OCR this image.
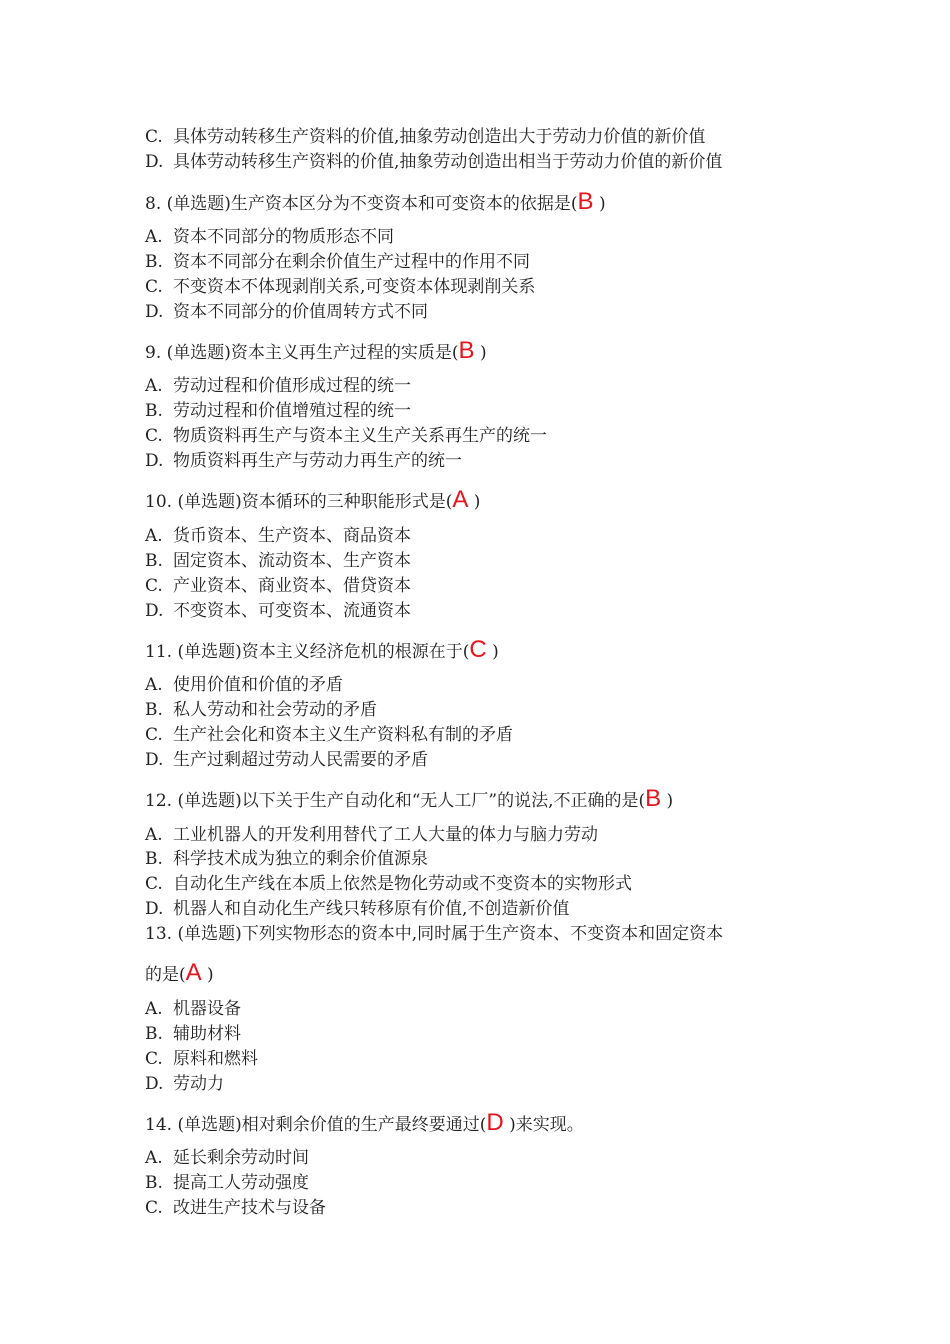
C. 具体劳动转移生产资料的价值,抽象劳动创造出大于劳动力价值的新价值
D. 具体劳动转移生产资料的价值,抽象劳动创造出相当于劳动力价值的新价值
8. (单选题)生产资本区分为不变资本和可变资本的依据是(B )
A. 资本不同部分的物质形态不同
B. 资本不同部分在剩余价值生产过程中的作用不同
C. 不变资本不体现剥削关系,可变资本体现剥削关系
D. 资本不同部分的价值周转方式不同
9. (单选题)资本主义再生产过程的实质是(B )
A. 劳动过程和价值形成过程的统一
B. 劳动过程和价值增殖过程的统一
C. 物质资料再生产与资本主义生产关系再生产的统一
D. 物质资料再生产与劳动力再生产的统一
10. (单选题)资本循环的三种职能形式是(A )
A. 货币资本、生产资本、商品资本
B. 固定资本、流动资本、生产资本
C. 产业资本、商业资本、借贷资本
D. 不变资本、可变资本、流通资本
11. (单选题)资本主义经济危机的根源在于(C )
A. 使用价值和价值的矛盾
B. 私人劳动和社会劳动的矛盾
C. 生产社会化和资本主义生产资料私有制的矛盾
D. 生产过剩超过劳动人民需要的矛盾
12. (单选题)以下关于生产自动化和“无人工厂”的说法,不正确的是(B )
A. 工业机器人的开发利用替代了工人大量的体力与脑力劳动
B. 科学技术成为独立的剩余价值源泉
C. 自动化生产线在本质上依然是物化劳动或不变资本的实物形式
D. 机器人和自动化生产线只转移原有价值,不创造新价值
13. (单选题)下列实物形态的资本中,同时属于生产资本、不变资本和固定资本
的是(A )
A. 机器设备
B. 辅助材料
C. 原料和燃料
D. 劳动力
14. (单选题)相对剩余价值的生产最终要通过(D )来实现。
A. 延长剩余劳动时间
B. 提高工人劳动强度
C. 改进生产技术与设备
